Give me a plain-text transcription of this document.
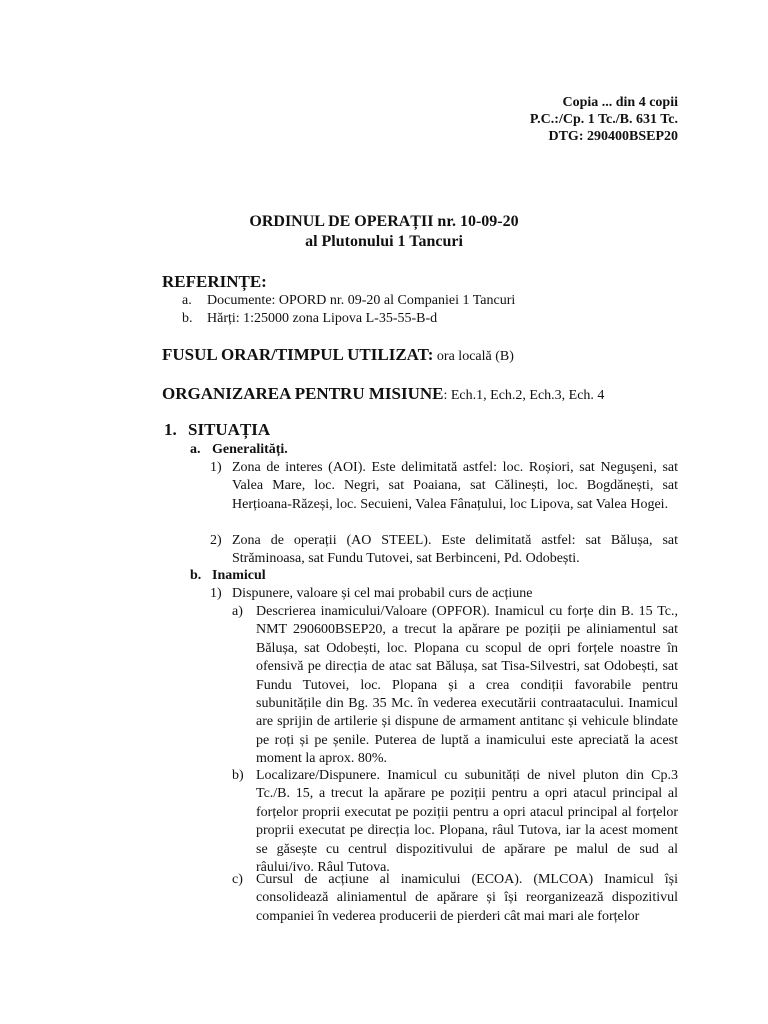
Copia ... din 4 copii
P.C.:/Cp. 1 Tc./B. 631 Tc.
DTG: 290400BSEP20
ORDINUL DE OPERAȚII nr. 10-09-20
al Plutonului 1 Tancuri
REFERINȚE:
a.	Documente: OPORD nr. 09-20 al Companiei 1 Tancuri
b.	Hărți: 1:25000 zona Lipova L-35-55-B-d
FUSUL ORAR/TIMPUL UTILIZAT: ora locală (B)
ORGANIZAREA PENTRU MISIUNE: Ech.1, Ech.2, Ech.3, Ech. 4
1. SITUAȚIA
a. Generalități.
1) Zona de interes (AOI). Este delimitată astfel: loc. Roșiori, sat Neguşeni, sat Valea Mare, loc. Negri, sat Poaiana, sat Călinești, loc. Bogdănești, sat Herțioana-Răzeși, loc. Secuieni, Valea Fânațului, loc Lipova, sat Valea Hogei.
2) Zona de operații (AO STEEL). Este delimitată astfel: sat Bălușa, sat Străminoasa, sat Fundu Tutovei, sat Berbinceni, Pd. Odobești.
b. Inamicul
1) Dispunere, valoare și cel mai probabil curs de acțiune
a) Descrierea inamicului/Valoare (OPFOR). Inamicul cu forțe din B. 15 Tc., NMT 290600BSEP20, a trecut la apărare pe poziții pe aliniamentul sat Bălușa, sat Odobești, loc. Plopana cu scopul de opri forțele noastre în ofensivă pe direcția de atac sat Bălușa, sat Tisa-Silvestri, sat Odobești, sat Fundu Tutovei, loc. Plopana și a crea condiții favorabile pentru subunitățile din Bg. 35 Mc. în vederea executării contraatacului. Inamicul are sprijin de artilerie și dispune de armament antitanc și vehicule blindate pe roți și pe șenile. Puterea de luptă a inamicului este apreciată la acest moment la aprox. 80%.
b) Localizare/Dispunere. Inamicul cu subunități de nivel pluton din Cp.3 Tc./B. 15, a trecut la apărare pe poziții pentru a opri atacul principal al forțelor proprii executat pe poziții pentru a opri atacul principal al forțelor proprii executat pe direcția loc. Plopana, râul Tutova, iar la acest moment se găsește cu centrul dispozitivului de apărare pe malul de sud al râului/ivo. Râul Tutova.
c) Cursul de acțiune al inamicului (ECOA). (MLCOA) Inamicul își consolidează aliniamentul de apărare și își reorganizează dispozitivul companiei în vederea producerii de pierderi cât mai mari ale forțelor
